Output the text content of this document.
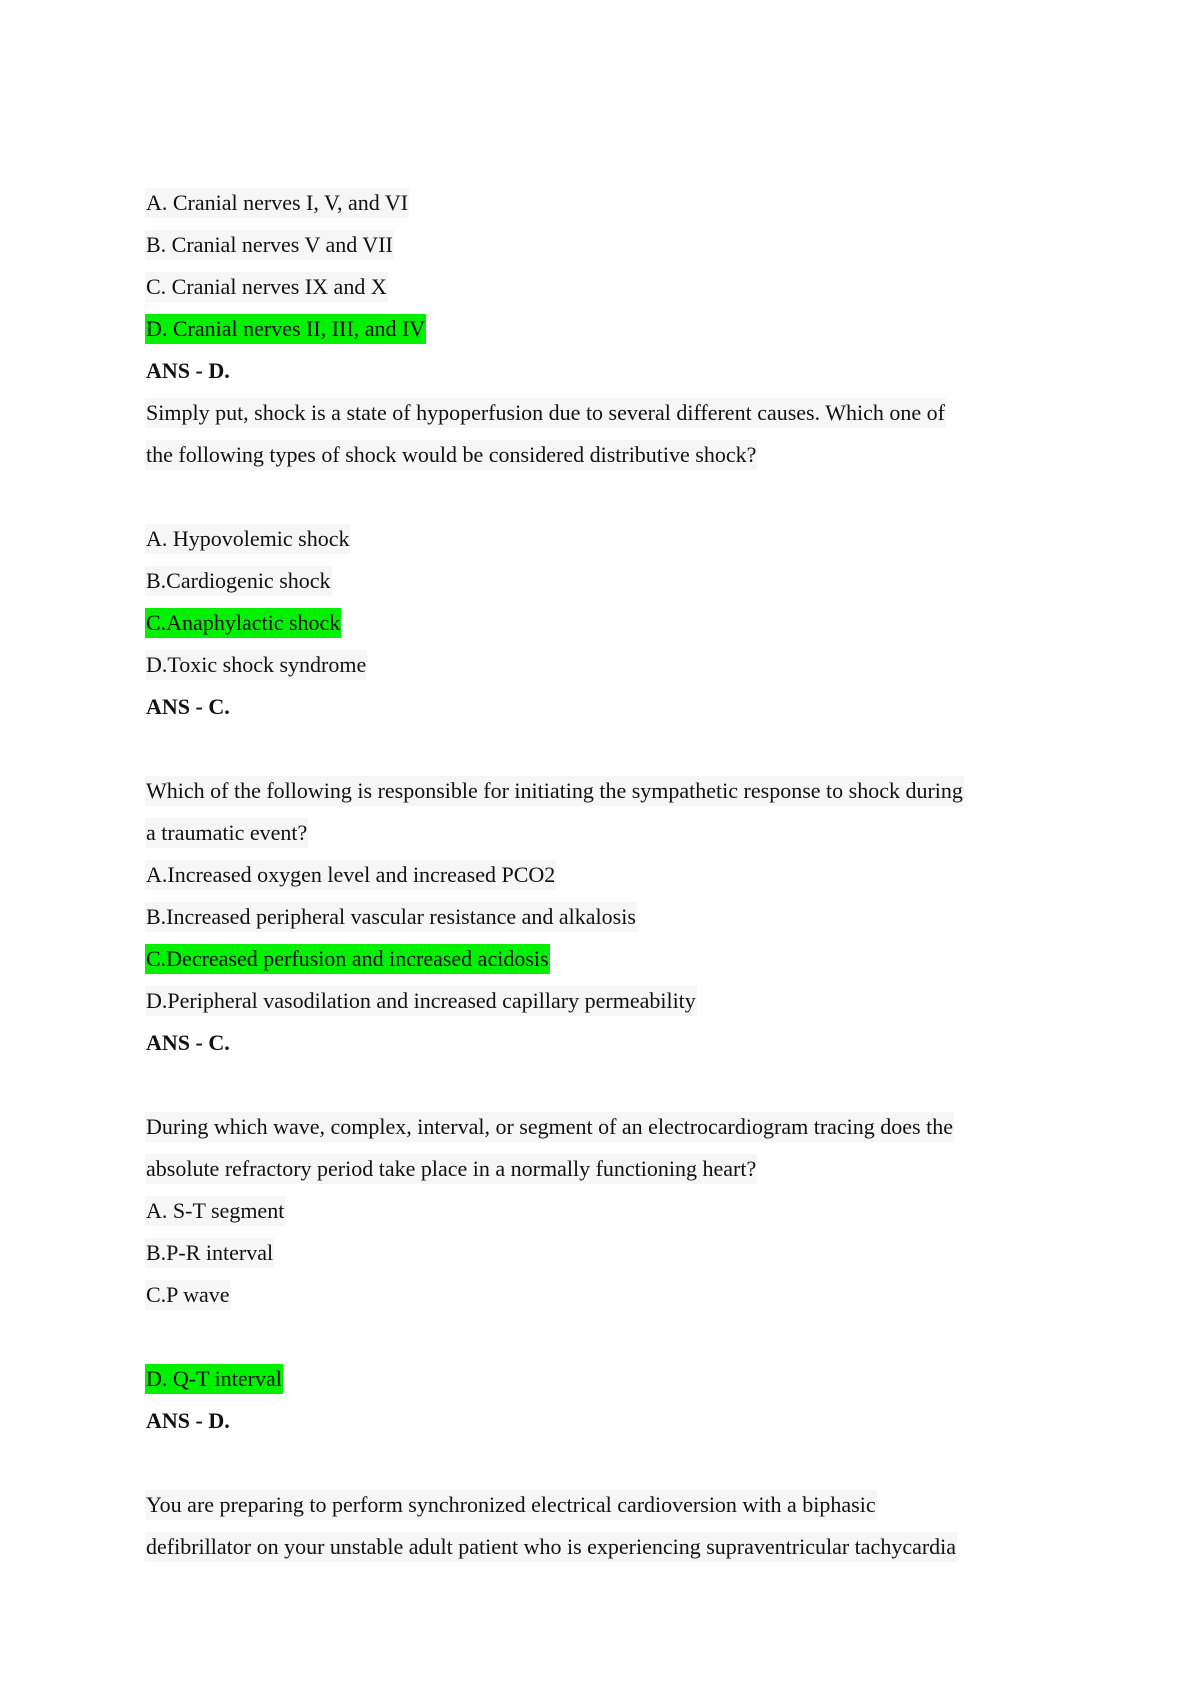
A. Cranial nerves I, V, and VI
B. Cranial nerves V and VII
C. Cranial nerves IX and X
D. Cranial nerves II, III, and IV
ANS - D.
Simply put, shock is a state of hypoperfusion due to several different causes. Which one of
the following types of shock would be considered distributive shock?
A. Hypovolemic shock
B.Cardiogenic shock
C.Anaphylactic shock
D.Toxic shock syndrome
ANS - C.
Which of the following is responsible for initiating the sympathetic response to shock during
a traumatic event?
A.Increased oxygen level and increased PCO2
B.Increased peripheral vascular resistance and alkalosis
C.Decreased perfusion and increased acidosis
D.Peripheral vasodilation and increased capillary permeability
ANS - C.
During which wave, complex, interval, or segment of an electrocardiogram tracing does the
absolute refractory period take place in a normally functioning heart?
A. S-T segment
B.P-R interval
C.P wave
D. Q-T interval
ANS - D.
You are preparing to perform synchronized electrical cardioversion with a biphasic
defibrillator on your unstable adult patient who is experiencing supraventricular tachycardia
